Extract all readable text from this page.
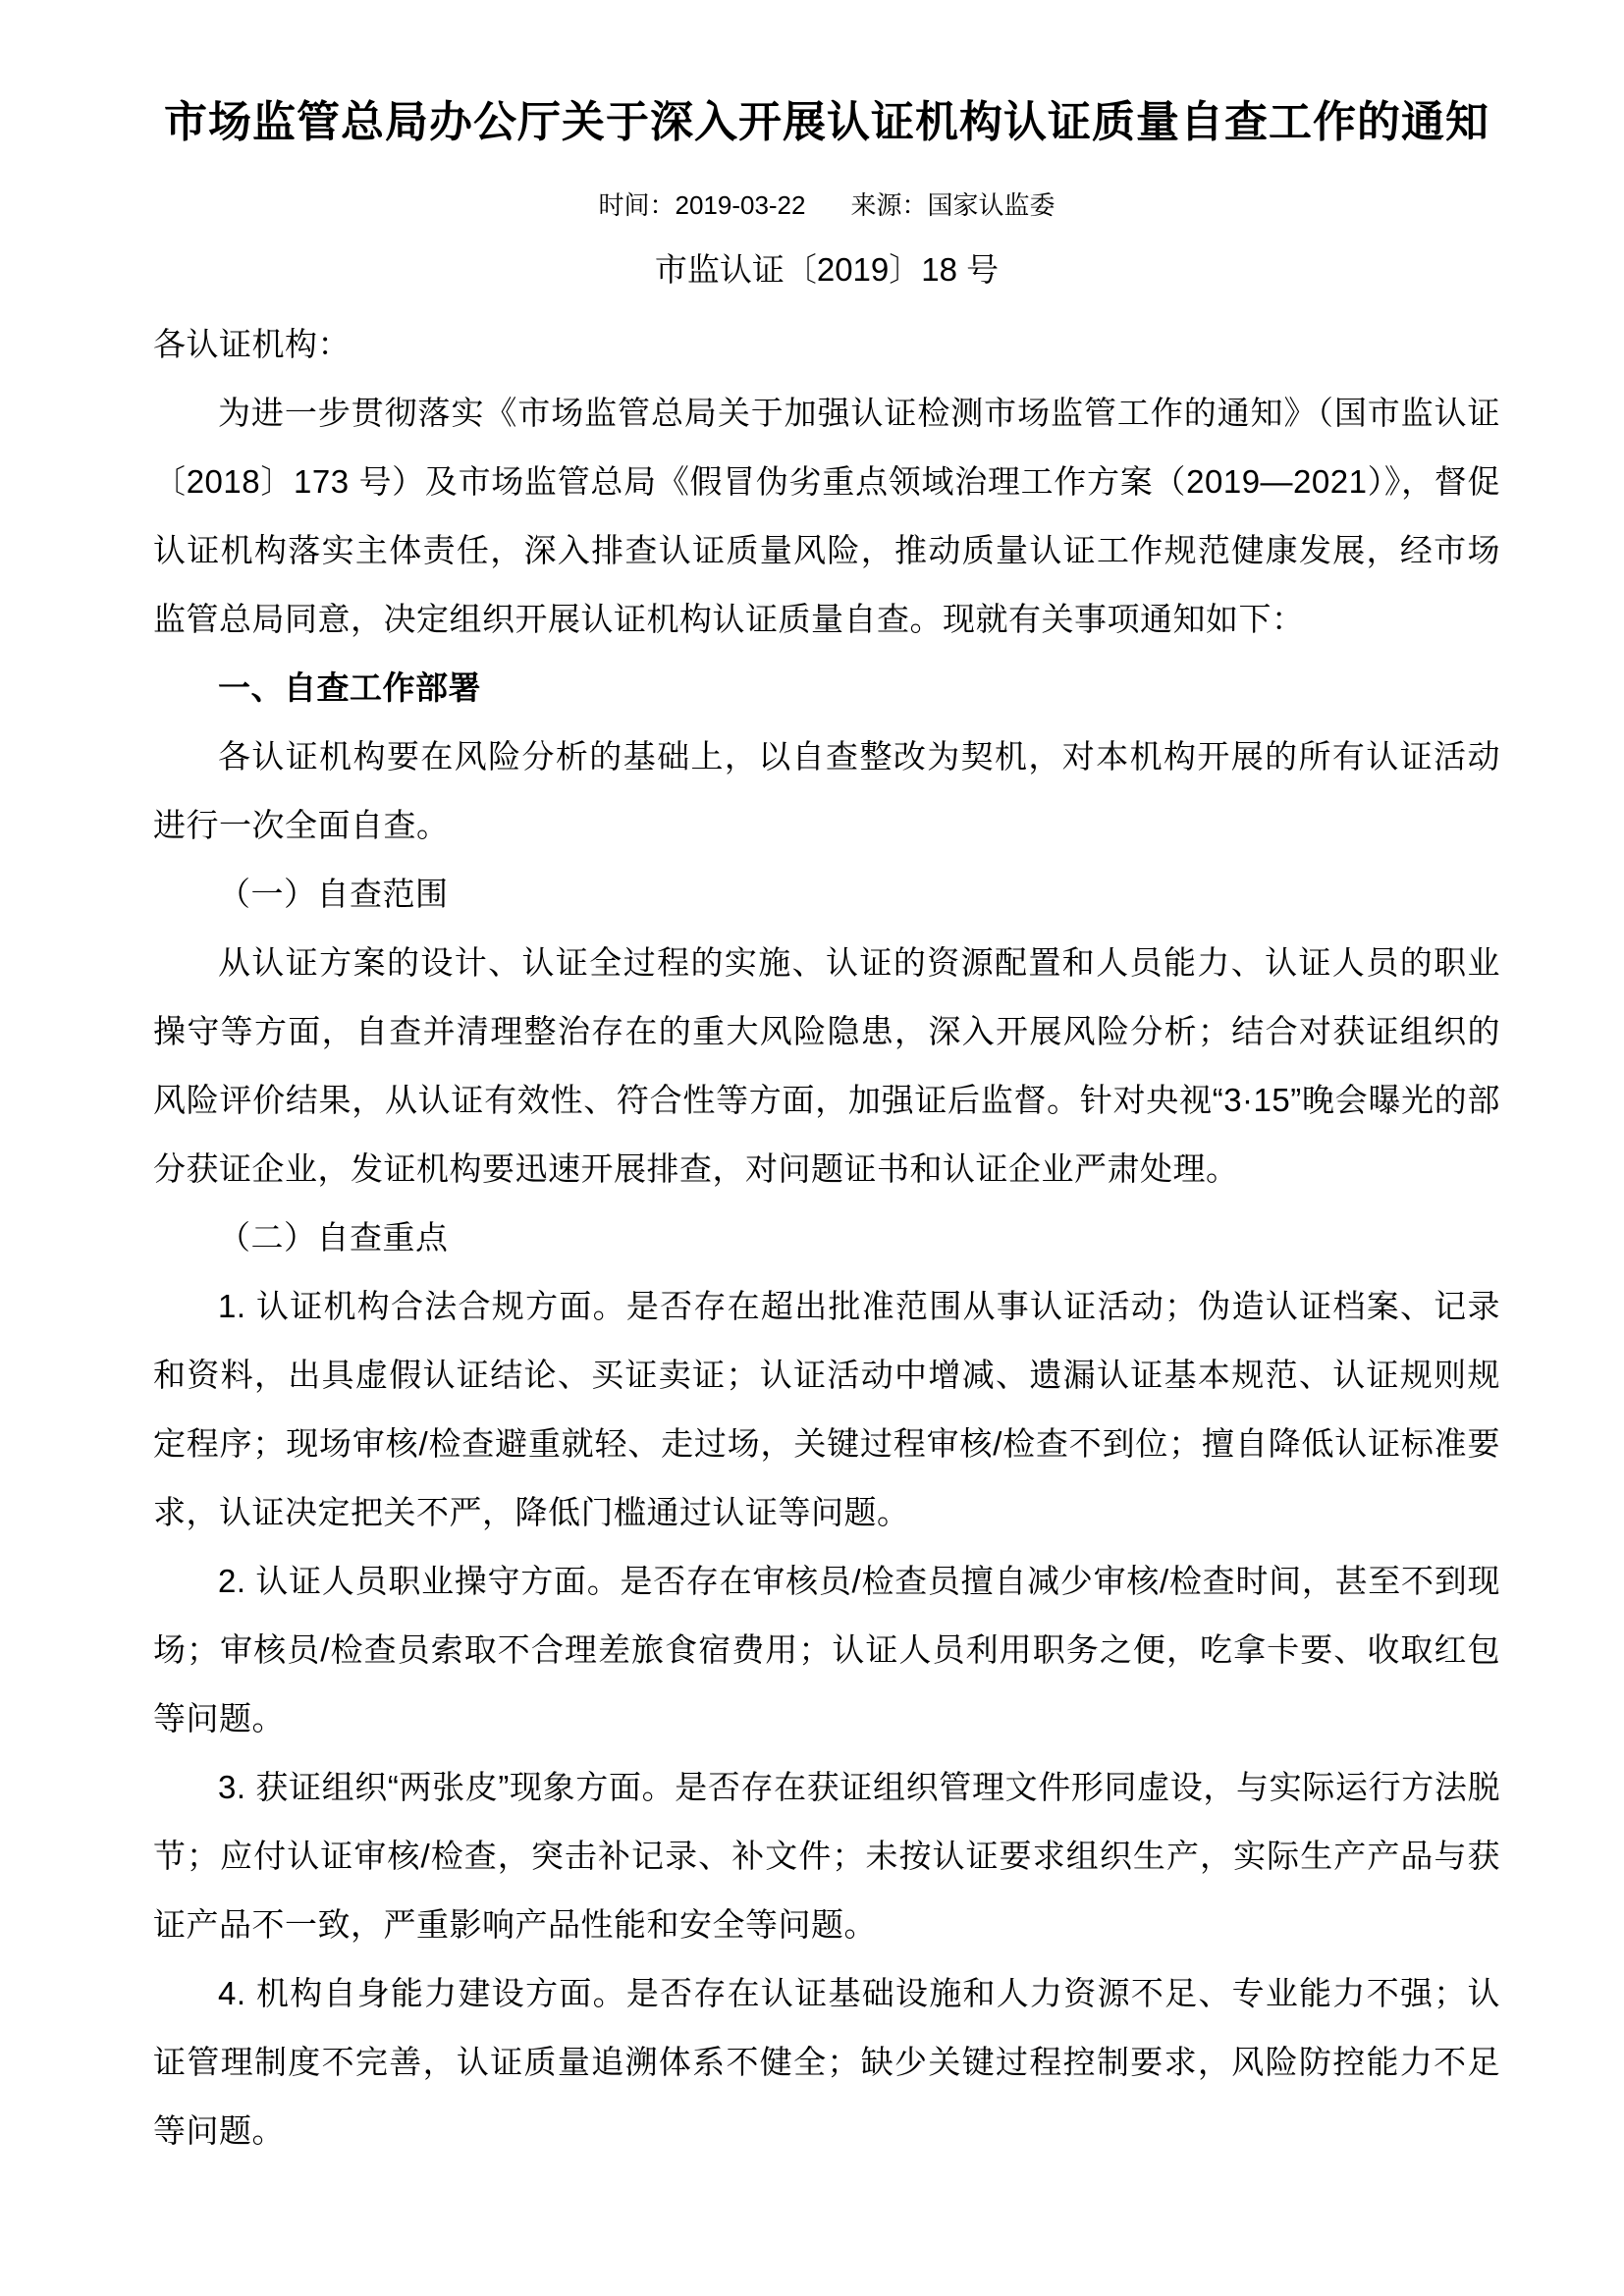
市场监管总局办公厅关于深入开展认证机构认证质量自查工作的通知
时间：2019-03-22 来源：国家认监委
市监认证〔2019〕18 号

各认证机构：

为进一步贯彻落实《市场监管总局关于加强认证检测市场监管工作的通知》（国市监认证〔2018〕173 号）及市场监管总局《假冒伪劣重点领域治理工作方案（2019—2021）》，督促认证机构落实主体责任，深入排查认证质量风险，推动质量认证工作规范健康发展，经市场监管总局同意，决定组织开展认证机构认证质量自查。现就有关事项通知如下：

一、自查工作部署

各认证机构要在风险分析的基础上，以自查整改为契机，对本机构开展的所有认证活动进行一次全面自查。

（一）自查范围

从认证方案的设计、认证全过程的实施、认证的资源配置和人员能力、认证人员的职业操守等方面，自查并清理整治存在的重大风险隐患，深入开展风险分析；结合对获证组织的风险评价结果，从认证有效性、符合性等方面，加强证后监督。针对央视“3·15”晚会曝光的部分获证企业，发证机构要迅速开展排查，对问题证书和认证企业严肃处理。

（二）自查重点

1. 认证机构合法合规方面。是否存在超出批准范围从事认证活动；伪造认证档案、记录和资料，出具虚假认证结论、买证卖证；认证活动中增减、遗漏认证基本规范、认证规则规定程序；现场审核/检查避重就轻、走过场，关键过程审核/检查不到位；擅自降低认证标准要求，认证决定把关不严，降低门槛通过认证等问题。

2. 认证人员职业操守方面。是否存在审核员/检查员擅自减少审核/检查时间，甚至不到现场；审核员/检查员索取不合理差旅食宿费用；认证人员利用职务之便，吃拿卡要、收取红包等问题。

3. 获证组织“两张皮”现象方面。是否存在获证组织管理文件形同虚设，与实际运行方法脱节；应付认证审核/检查，突击补记录、补文件；未按认证要求组织生产，实际生产产品与获证产品不一致，严重影响产品性能和安全等问题。

4. 机构自身能力建设方面。是否存在认证基础设施和人力资源不足、专业能力不强；认证管理制度不完善，认证质量追溯体系不健全；缺少关键过程控制要求，风险防控能力不足等问题。
